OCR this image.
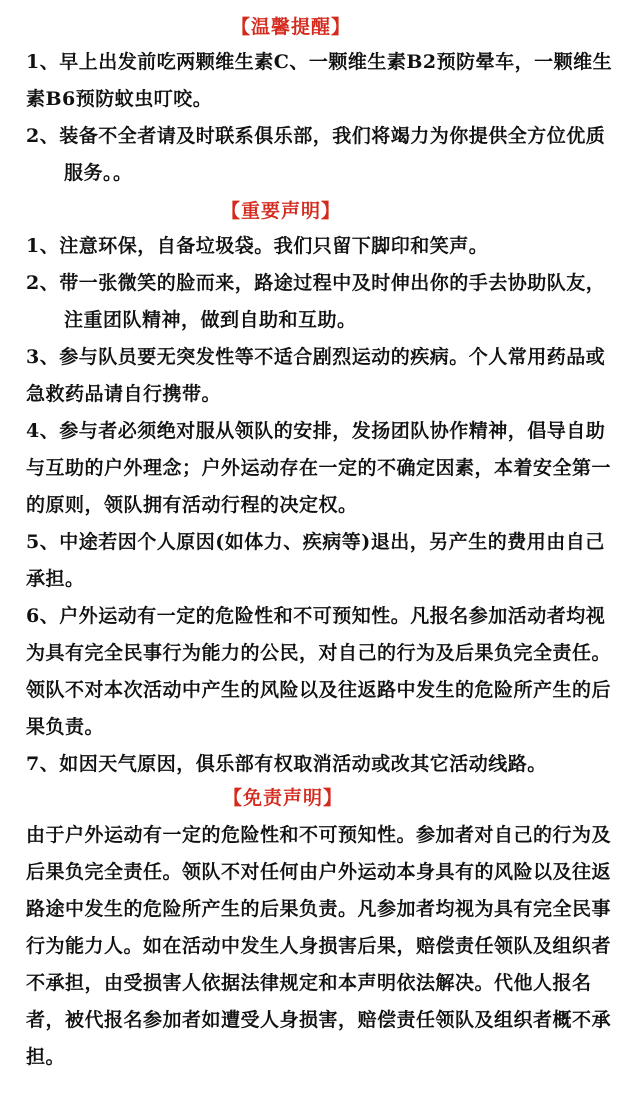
【温馨提醒】

1、早上出发前吃两颗维生素C、一颗维生素B2预防晕车，一颗维生素B6预防蚊虫叮咬。

2、装备不全者请及时联系俱乐部，我们将竭力为你提供全方位优质服务。。

【重要声明】

1、注意环保，自备垃圾袋。我们只留下脚印和笑声。

2、带一张微笑的脸而来，路途过程中及时伸出你的手去协助队友，注重团队精神，做到自助和互助。

3、参与队员要无突发性等不适合剧烈运动的疾病。个人常用药品或急救药品请自行携带。

4、参与者必须绝对服从领队的安排，发扬团队协作精神，倡导自助与互助的户外理念；户外运动存在一定的不确定因素，本着安全第一的原则，领队拥有活动行程的决定权。

5、中途若因个人原因(如体力、疾病等)退出，另产生的费用由自己承担。

6、户外运动有一定的危险性和不可预知性。凡报名参加活动者均视为具有完全民事行为能力的公民，对自己的行为及后果负完全责任。领队不对本次活动中产生的风险以及往返路中发生的危险所产生的后果负责。

7、如因天气原因，俱乐部有权取消活动或改其它活动线路。

【免责声明】

由于户外运动有一定的危险性和不可预知性。参加者对自己的行为及后果负完全责任。领队不对任何由户外运动本身具有的风险以及往返路途中发生的危险所产生的后果负责。凡参加者均视为具有完全民事行为能力人。如在活动中发生人身损害后果，赔偿责任领队及组织者不承担，由受损害人依据法律规定和本声明依法解决。代他人报名者，被代报名参加者如遭受人身损害，赔偿责任领队及组织者概不承担。
